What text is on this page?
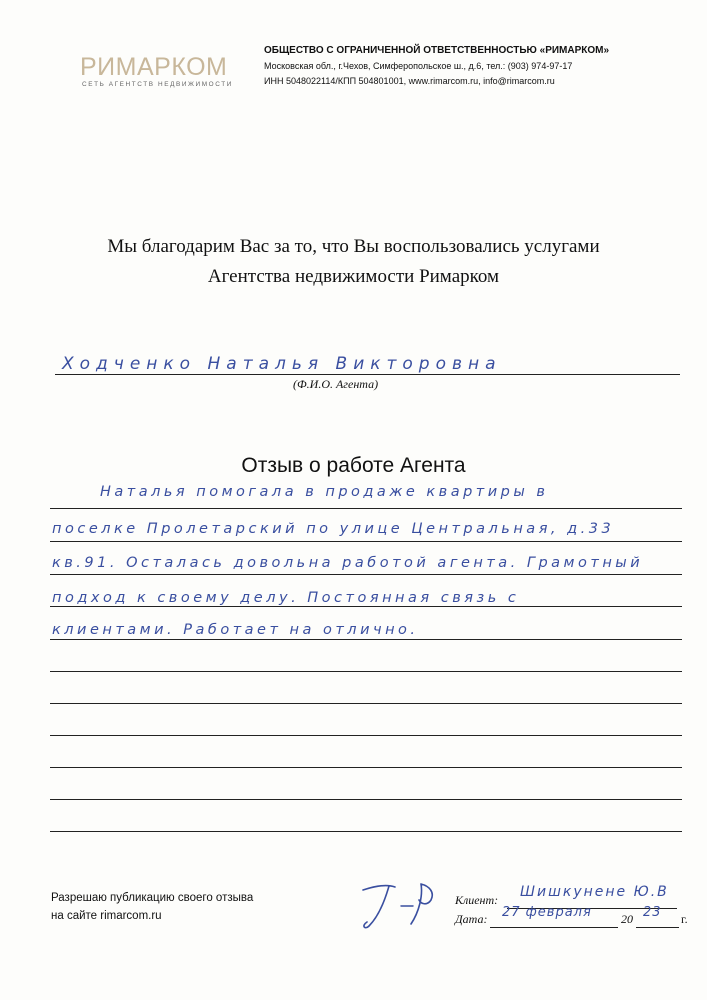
РИМАРКОМ
СЕТЬ АГЕНТСТВ НЕДВИЖИМОСТИ
ОБЩЕСТВО С ОГРАНИЧЕННОЙ ОТВЕТСТВЕННОСТЬЮ «РИМАРКОМ»
Московская обл., г.Чехов, Симферопольское ш., д.6, тел.: (903) 974-97-17
ИНН 5048022114/КПП 504801001, www.rimarcom.ru, info@rimarcom.ru
Мы благодарим Вас за то, что Вы воспользовались услугами
Агентства недвижимости Римарком
Ходченко Наталья Викторовна
(Ф.И.О. Агента)
Отзыв о работе Агента
Наталья помогала в продаже квартиры в
поселке Пролетарский по улице Центральная, д.33
кв.91. Осталась довольна работой агента. Грамотный
подход к своему делу. Постоянная связь с
клиентами. Работает на отлично.
Разрешаю публикацию своего отзыва
на сайте rimarcom.ru
Клиент: Шишкунене Ю.В
Дата: 27 февраля 20 23 г.
